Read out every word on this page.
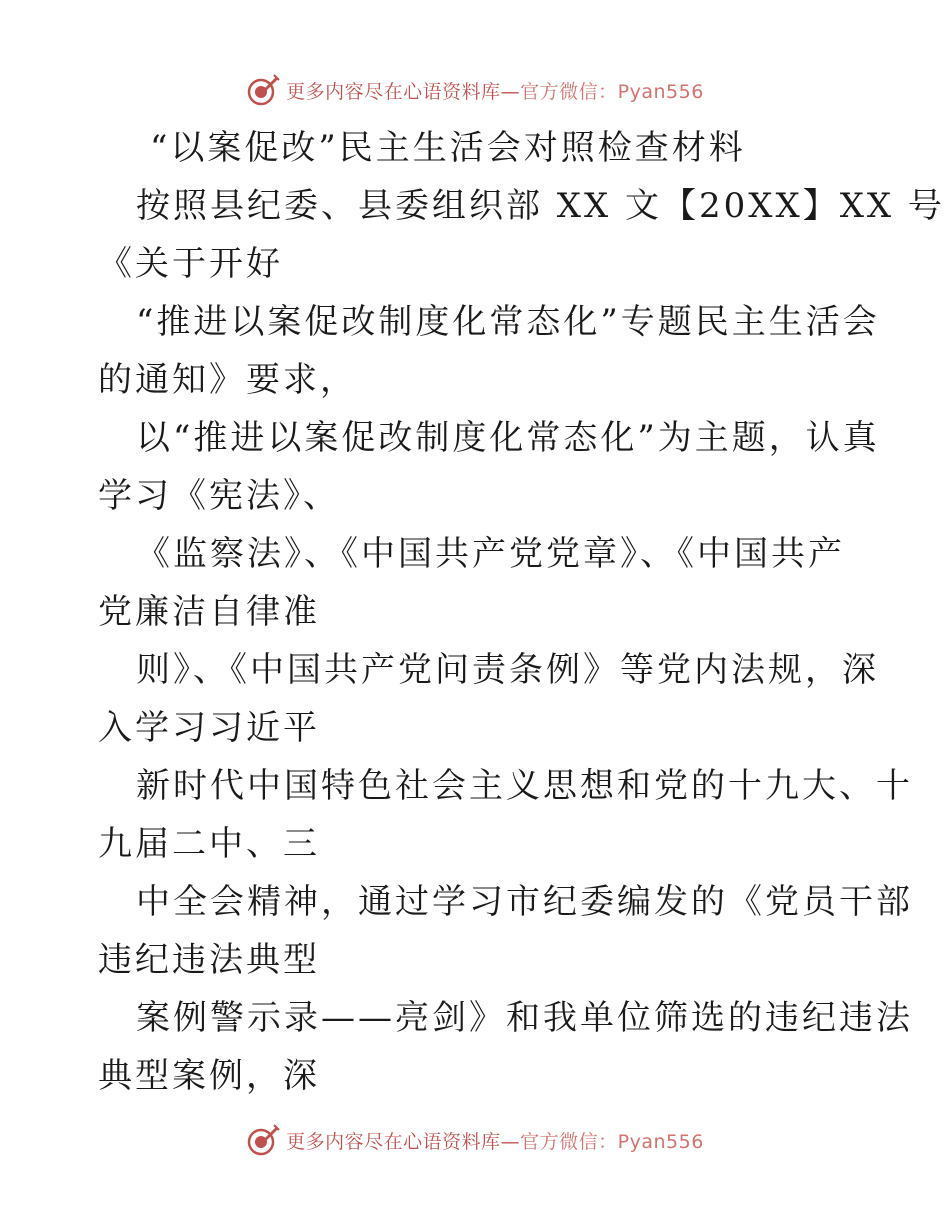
更多内容尽在心语资料库—官方微信：Pyan556
“以案促改”民主生活会对照检查材料
按照县纪委、县委组织部 XX 文【20XX】XX 号
《关于开好
“推进以案促改制度化常态化”专题民主生活会
的通知》要求，
以“推进以案促改制度化常态化”为主题，认真
学习《宪法》、
《监察法》、《中国共产党党章》、《中国共产
党廉洁自律准
则》、《中国共产党问责条例》等党内法规，深
入学习习近平
新时代中国特色社会主义思想和党的十九大、十
九届二中、三
中全会精神，通过学习市纪委编发的《党员干部
违纪违法典型
案例警示录——亮剑》和我单位筛选的违纪违法
典型案例，深
更多内容尽在心语资料库—官方微信：Pyan556
